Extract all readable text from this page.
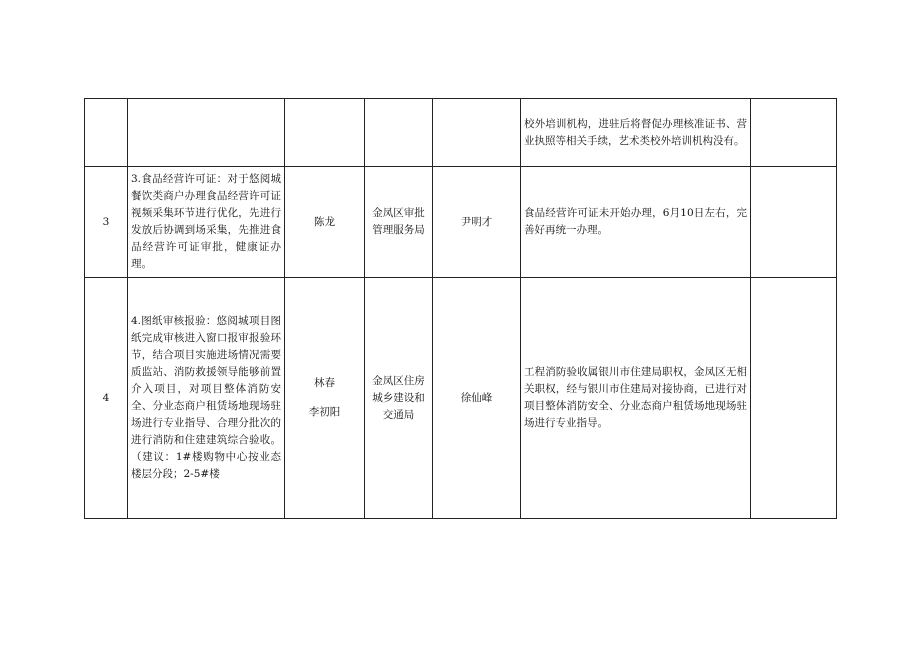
					校外培训机构，进驻后将督促办理核准证书、营业执照等相关手续，艺术类校外培训机构没有。	
3	3.食品经营许可证：对于悠阅城餐饮类商户办理食品经营许可证视频采集环节进行优化，先进行发放后协调到场采集，先推进食品经营许可证审批，健康证办理。	陈龙	金凤区审批管理服务局	尹明才	食品经营许可证未开始办理，6月10日左右，完善好再统一办理。	
4	4.图纸审核报验：悠阅城项目图纸完成审核进入窗口报审报验环节，结合项目实施进场情况需要质监站、消防救援领导能够前置介入项目，对项目整体消防安全、分业态商户租赁场地现场驻场进行专业指导、合理分批次的进行消防和住建建筑综合验收。（建议：1#楼购物中心按业态楼层分段；2-5#楼	林春
李初阳	金凤区住房城乡建设和交通局	徐仙峰	工程消防验收属银川市住建局职权，金凤区无相关职权，经与银川市住建局对接协商，已进行对项目整体消防安全、分业态商户租赁场地现场驻场进行专业指导。	
